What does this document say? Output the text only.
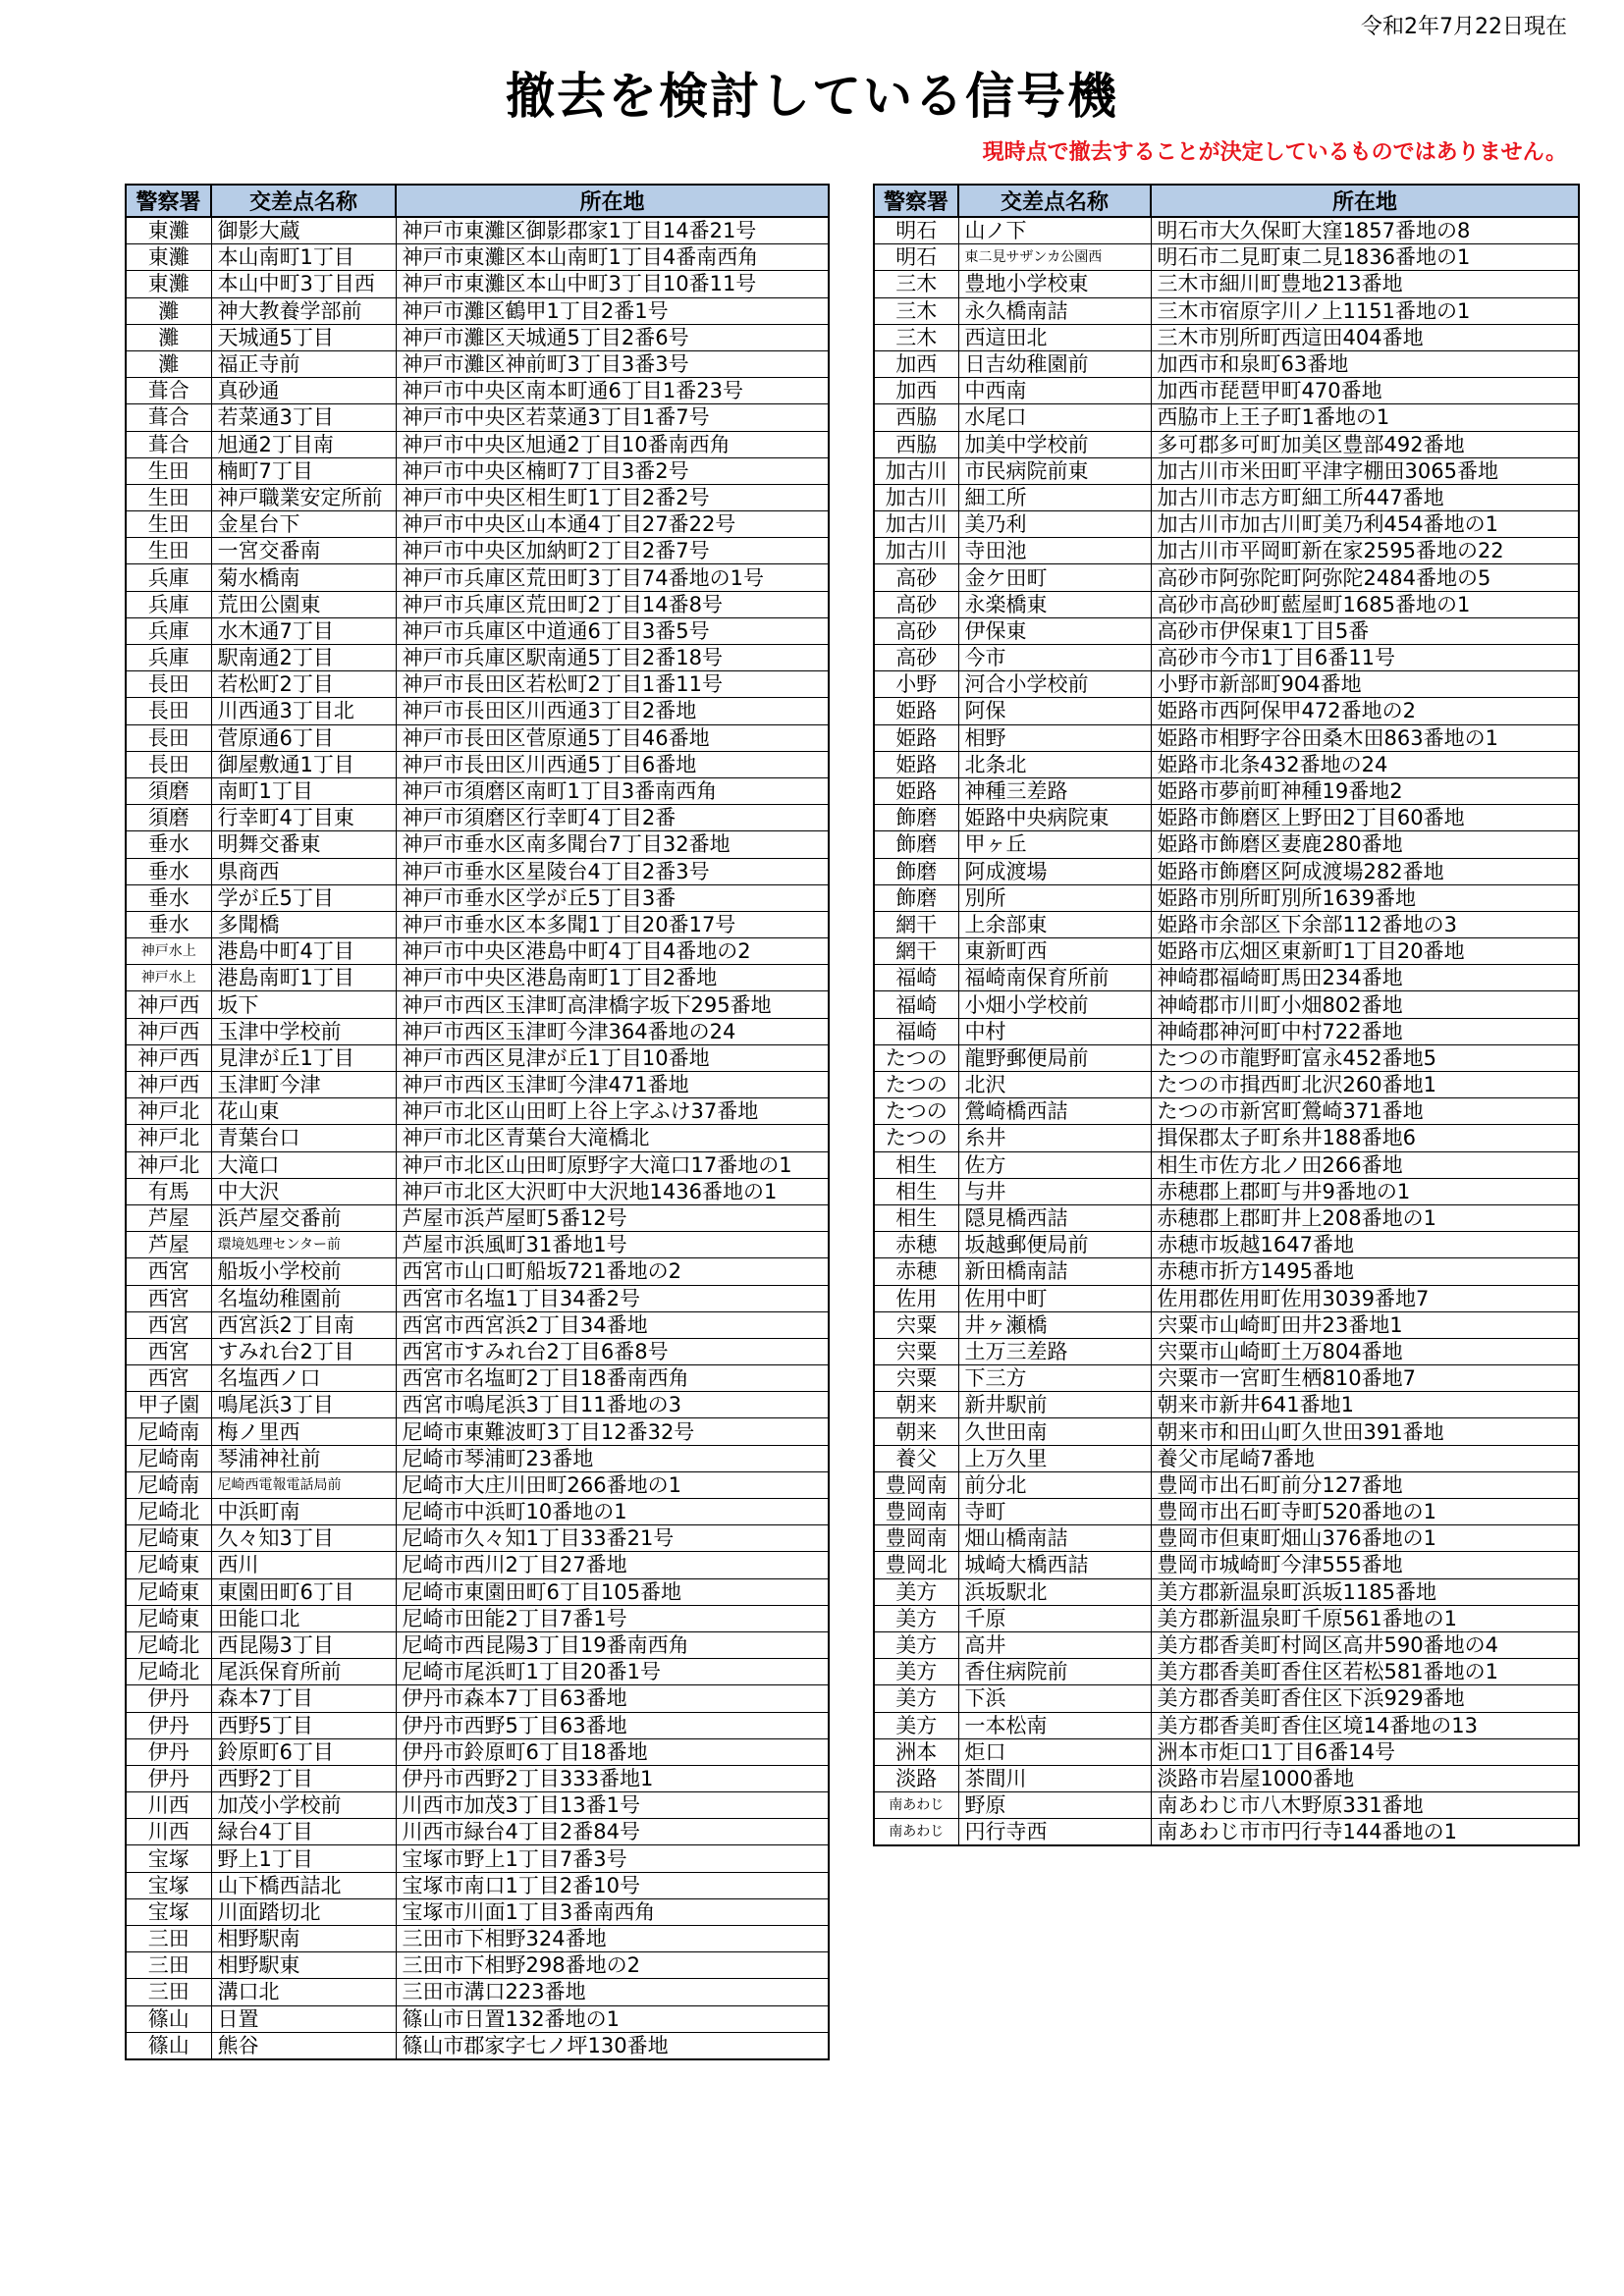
令和2年7月22日現在
撤去を検討している信号機
現時点で撤去することが決定しているものではありません。
警察署	交差点名称	所在地
東灘	御影大蔵	神戸市東灘区御影郡家1丁目14番21号
東灘	本山南町1丁目	神戸市東灘区本山南町1丁目4番南西角
東灘	本山中町3丁目西	神戸市東灘区本山中町3丁目10番11号
灘	神大教養学部前	神戸市灘区鶴甲1丁目2番1号
灘	天城通5丁目	神戸市灘区天城通5丁目2番6号
灘	福正寺前	神戸市灘区神前町3丁目3番3号
葺合	真砂通	神戸市中央区南本町通6丁目1番23号
葺合	若菜通3丁目	神戸市中央区若菜通3丁目1番7号
葺合	旭通2丁目南	神戸市中央区旭通2丁目10番南西角
生田	楠町7丁目	神戸市中央区楠町7丁目3番2号
生田	神戸職業安定所前	神戸市中央区相生町1丁目2番2号
生田	金星台下	神戸市中央区山本通4丁目27番22号
生田	一宮交番南	神戸市中央区加納町2丁目2番7号
兵庫	菊水橋南	神戸市兵庫区荒田町3丁目74番地の1号
兵庫	荒田公園東	神戸市兵庫区荒田町2丁目14番8号
兵庫	水木通7丁目	神戸市兵庫区中道通6丁目3番5号
兵庫	駅南通2丁目	神戸市兵庫区駅南通5丁目2番18号
長田	若松町2丁目	神戸市長田区若松町2丁目1番11号
長田	川西通3丁目北	神戸市長田区川西通3丁目2番地
長田	菅原通6丁目	神戸市長田区菅原通5丁目46番地
長田	御屋敷通1丁目	神戸市長田区川西通5丁目6番地
須磨	南町1丁目	神戸市須磨区南町1丁目3番南西角
須磨	行幸町4丁目東	神戸市須磨区行幸町4丁目2番
垂水	明舞交番東	神戸市垂水区南多聞台7丁目32番地
垂水	県商西	神戸市垂水区星陵台4丁目2番3号
垂水	学が丘5丁目	神戸市垂水区学が丘5丁目3番
垂水	多聞橋	神戸市垂水区本多聞1丁目20番17号
神戸水上	港島中町4丁目	神戸市中央区港島中町4丁目4番地の2
神戸水上	港島南町1丁目	神戸市中央区港島南町1丁目2番地
神戸西	坂下	神戸市西区玉津町高津橋字坂下295番地
神戸西	玉津中学校前	神戸市西区玉津町今津364番地の24
神戸西	見津が丘1丁目	神戸市西区見津が丘1丁目10番地
神戸西	玉津町今津	神戸市西区玉津町今津471番地
神戸北	花山東	神戸市北区山田町上谷上字ふけ37番地
神戸北	青葉台口	神戸市北区青葉台大滝橋北
神戸北	大滝口	神戸市北区山田町原野字大滝口17番地の1
有馬	中大沢	神戸市北区大沢町中大沢地1436番地の1
芦屋	浜芦屋交番前	芦屋市浜芦屋町5番12号
芦屋	環境処理センター前	芦屋市浜風町31番地1号
西宮	船坂小学校前	西宮市山口町船坂721番地の2
西宮	名塩幼稚園前	西宮市名塩1丁目34番2号
西宮	西宮浜2丁目南	西宮市西宮浜2丁目34番地
西宮	すみれ台2丁目	西宮市すみれ台2丁目6番8号
西宮	名塩西ノ口	西宮市名塩町2丁目18番南西角
甲子園	鳴尾浜3丁目	西宮市鳴尾浜3丁目11番地の3
尼崎南	梅ノ里西	尼崎市東難波町3丁目12番32号
尼崎南	琴浦神社前	尼崎市琴浦町23番地
尼崎南	尼崎西電報電話局前	尼崎市大庄川田町266番地の1
尼崎北	中浜町南	尼崎市中浜町10番地の1
尼崎東	久々知3丁目	尼崎市久々知1丁目33番21号
尼崎東	西川	尼崎市西川2丁目27番地
尼崎東	東園田町6丁目	尼崎市東園田町6丁目105番地
尼崎東	田能口北	尼崎市田能2丁目7番1号
尼崎北	西昆陽3丁目	尼崎市西昆陽3丁目19番南西角
尼崎北	尾浜保育所前	尼崎市尾浜町1丁目20番1号
伊丹	森本7丁目	伊丹市森本7丁目63番地
伊丹	西野5丁目	伊丹市西野5丁目63番地
伊丹	鈴原町6丁目	伊丹市鈴原町6丁目18番地
伊丹	西野2丁目	伊丹市西野2丁目333番地1
川西	加茂小学校前	川西市加茂3丁目13番1号
川西	緑台4丁目	川西市緑台4丁目2番84号
宝塚	野上1丁目	宝塚市野上1丁目7番3号
宝塚	山下橋西詰北	宝塚市南口1丁目2番10号
宝塚	川面踏切北	宝塚市川面1丁目3番南西角
三田	相野駅南	三田市下相野324番地
三田	相野駅東	三田市下相野298番地の2
三田	溝口北	三田市溝口223番地
篠山	日置	篠山市日置132番地の1
篠山	熊谷	篠山市郡家字七ノ坪130番地
警察署	交差点名称	所在地
明石	山ノ下	明石市大久保町大窪1857番地の8
明石	東二見サザンカ公園西	明石市二見町東二見1836番地の1
三木	豊地小学校東	三木市細川町豊地213番地
三木	永久橋南詰	三木市宿原字川ノ上1151番地の1
三木	西這田北	三木市別所町西這田404番地
加西	日吉幼稚園前	加西市和泉町63番地
加西	中西南	加西市琵琶甲町470番地
西脇	水尾口	西脇市上王子町1番地の1
西脇	加美中学校前	多可郡多可町加美区豊部492番地
加古川	市民病院前東	加古川市米田町平津字棚田3065番地
加古川	細工所	加古川市志方町細工所447番地
加古川	美乃利	加古川市加古川町美乃利454番地の1
加古川	寺田池	加古川市平岡町新在家2595番地の22
高砂	金ケ田町	高砂市阿弥陀町阿弥陀2484番地の5
高砂	永楽橋東	高砂市高砂町藍屋町1685番地の1
高砂	伊保東	高砂市伊保東1丁目5番
高砂	今市	高砂市今市1丁目6番11号
小野	河合小学校前	小野市新部町904番地
姫路	阿保	姫路市西阿保甲472番地の2
姫路	相野	姫路市相野字谷田桑木田863番地の1
姫路	北条北	姫路市北条432番地の24
姫路	神種三差路	姫路市夢前町神種19番地2
飾磨	姫路中央病院東	姫路市飾磨区上野田2丁目60番地
飾磨	甲ヶ丘	姫路市飾磨区妻鹿280番地
飾磨	阿成渡場	姫路市飾磨区阿成渡場282番地
飾磨	別所	姫路市別所町別所1639番地
網干	上余部東	姫路市余部区下余部112番地の3
網干	東新町西	姫路市広畑区東新町1丁目20番地
福崎	福崎南保育所前	神崎郡福崎町馬田234番地
福崎	小畑小学校前	神崎郡市川町小畑802番地
福崎	中村	神崎郡神河町中村722番地
たつの	龍野郵便局前	たつの市龍野町富永452番地5
たつの	北沢	たつの市揖西町北沢260番地1
たつの	鶯崎橋西詰	たつの市新宮町鶯崎371番地
たつの	糸井	揖保郡太子町糸井188番地6
相生	佐方	相生市佐方北ノ田266番地
相生	与井	赤穂郡上郡町与井9番地の1
相生	隠見橋西詰	赤穂郡上郡町井上208番地の1
赤穂	坂越郵便局前	赤穂市坂越1647番地
赤穂	新田橋南詰	赤穂市折方1495番地
佐用	佐用中町	佐用郡佐用町佐用3039番地7
宍粟	井ヶ瀬橋	宍粟市山崎町田井23番地1
宍粟	土万三差路	宍粟市山崎町土万804番地
宍粟	下三方	宍粟市一宮町生栖810番地7
朝来	新井駅前	朝来市新井641番地1
朝来	久世田南	朝来市和田山町久世田391番地
養父	上万久里	養父市尾崎7番地
豊岡南	前分北	豊岡市出石町前分127番地
豊岡南	寺町	豊岡市出石町寺町520番地の1
豊岡南	畑山橋南詰	豊岡市但東町畑山376番地の1
豊岡北	城崎大橋西詰	豊岡市城崎町今津555番地
美方	浜坂駅北	美方郡新温泉町浜坂1185番地
美方	千原	美方郡新温泉町千原561番地の1
美方	高井	美方郡香美町村岡区高井590番地の4
美方	香住病院前	美方郡香美町香住区若松581番地の1
美方	下浜	美方郡香美町香住区下浜929番地
美方	一本松南	美方郡香美町香住区境14番地の13
洲本	炬口	洲本市炬口1丁目6番14号
淡路	茶間川	淡路市岩屋1000番地
南あわじ	野原	南あわじ市八木野原331番地
南あわじ	円行寺西	南あわじ市市円行寺144番地の1
